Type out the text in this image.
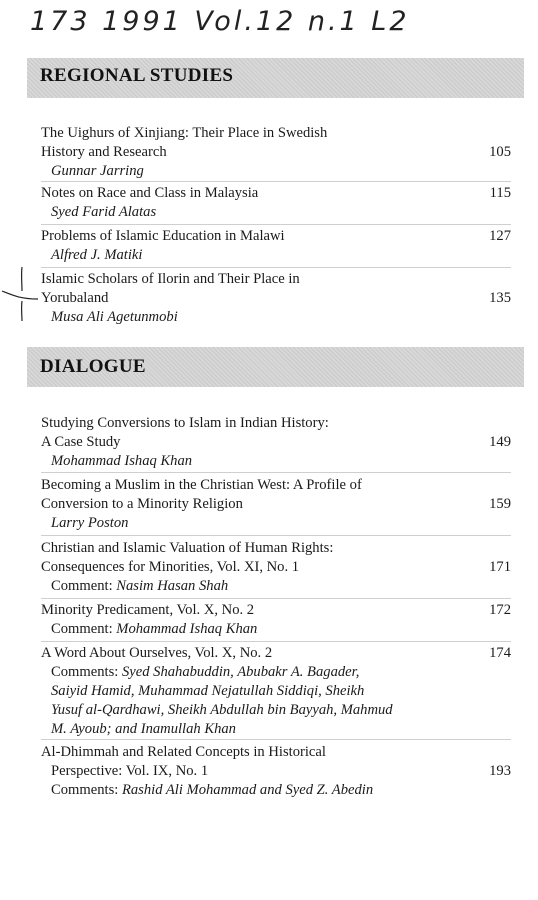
173 1991 Vol.12 n.1 L2
REGIONAL STUDIES
The Uighurs of Xinjiang: Their Place in Swedish
History and Research
Gunnar Jarring
105
Notes on Race and Class in Malaysia
Syed Farid Alatas
115
Problems of Islamic Education in Malawi
Alfred J. Matiki
127
Islamic Scholars of Ilorin and Their Place in
Yorubaland
Musa Ali Agetunmobi
135
DIALOGUE
Studying Conversions to Islam in Indian History:
A Case Study
Mohammad Ishaq Khan
149
Becoming a Muslim in the Christian West: A Profile of
Conversion to a Minority Religion
Larry Poston
159
Christian and Islamic Valuation of Human Rights:
Consequences for Minorities, Vol. XI, No. 1
Comment: Nasim Hasan Shah
171
Minority Predicament, Vol. X, No. 2
Comment: Mohammad Ishaq Khan
172
A Word About Ourselves, Vol. X, No. 2
Comments: Syed Shahabuddin, Abubakr A. Bagader,
Saiyid Hamid, Muhammad Nejatullah Siddiqi, Sheikh
Yusuf al-Qardhawi, Sheikh Abdullah bin Bayyah, Mahmud
M. Ayoub; and Inamullah Khan
174
Al-Dhimmah and Related Concepts in Historical
Perspective: Vol. IX, No. 1
Comments: Rashid Ali Mohammad and Syed Z. Abedin
193
